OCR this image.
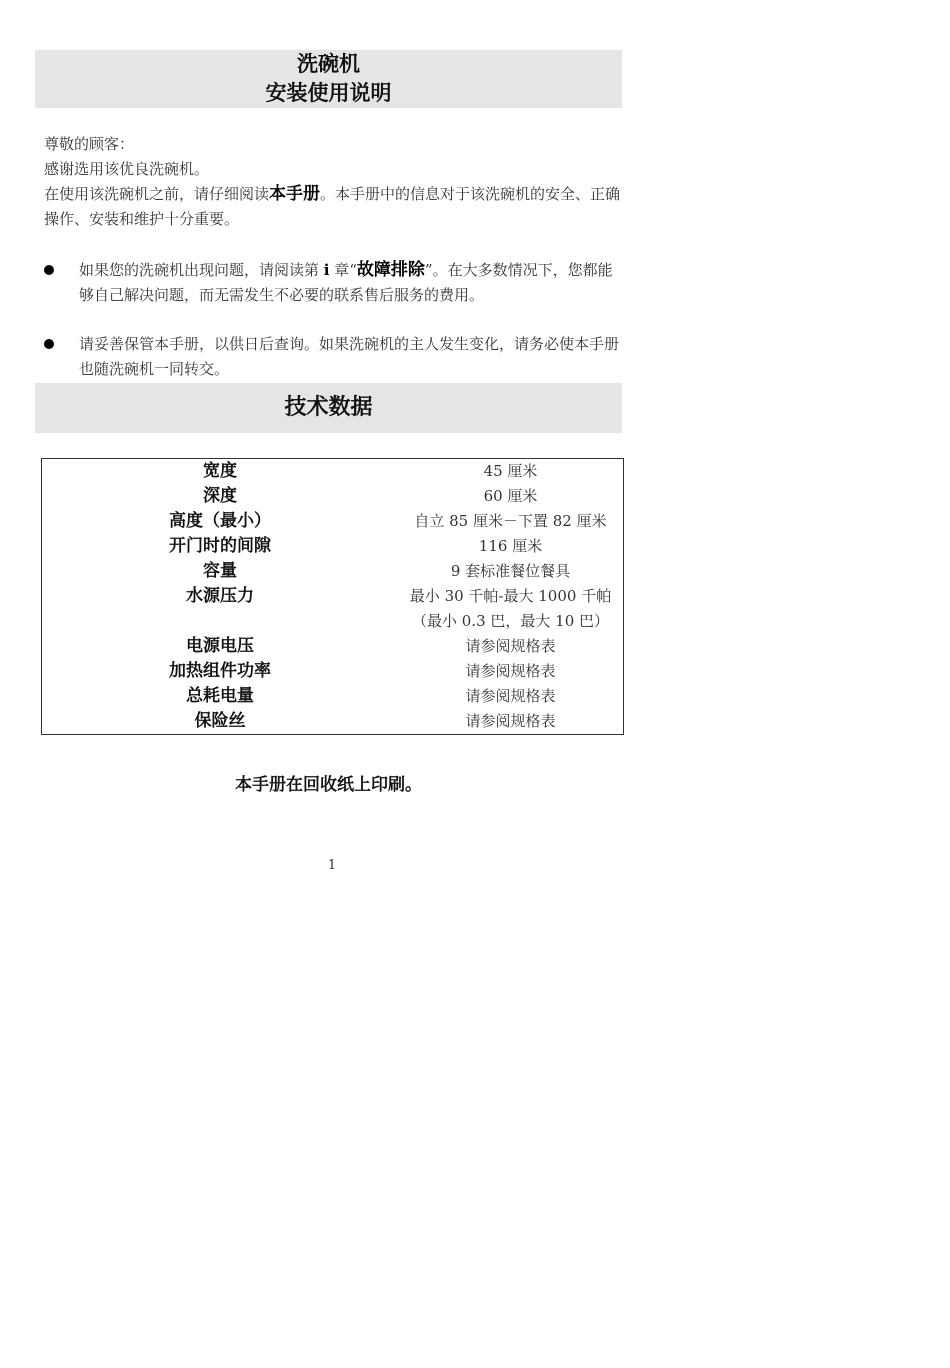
洗碗机
安装使用说明
尊敬的顾客：
感谢选用该优良洗碗机。
在使用该洗碗机之前，请仔细阅读本手册。本手册中的信息对于该洗碗机的安全、正确操作、安装和维护十分重要。
如果您的洗碗机出现问题，请阅读第 i 章“故障排除”。在大多数情况下，您都能够自己解决问题，而无需发生不必要的联系售后服务的费用。
请妥善保管本手册，以供日后查询。如果洗碗机的主人发生变化，请务必使本手册也随洗碗机一同转交。
技术数据
宽度	45 厘米
深度	60 厘米
高度（最小）	自立 85 厘米－下置 82 厘米
开门时的间隙	116 厘米
容量	9 套标准餐位餐具
水源压力	最小 30 千帕-最大 1000 千帕
	（最小 0.3 巴，最大 10 巴）
电源电压	请参阅规格表
加热组件功率	请参阅规格表
总耗电量	请参阅规格表
保险丝	请参阅规格表
本手册在回收纸上印刷。
1
